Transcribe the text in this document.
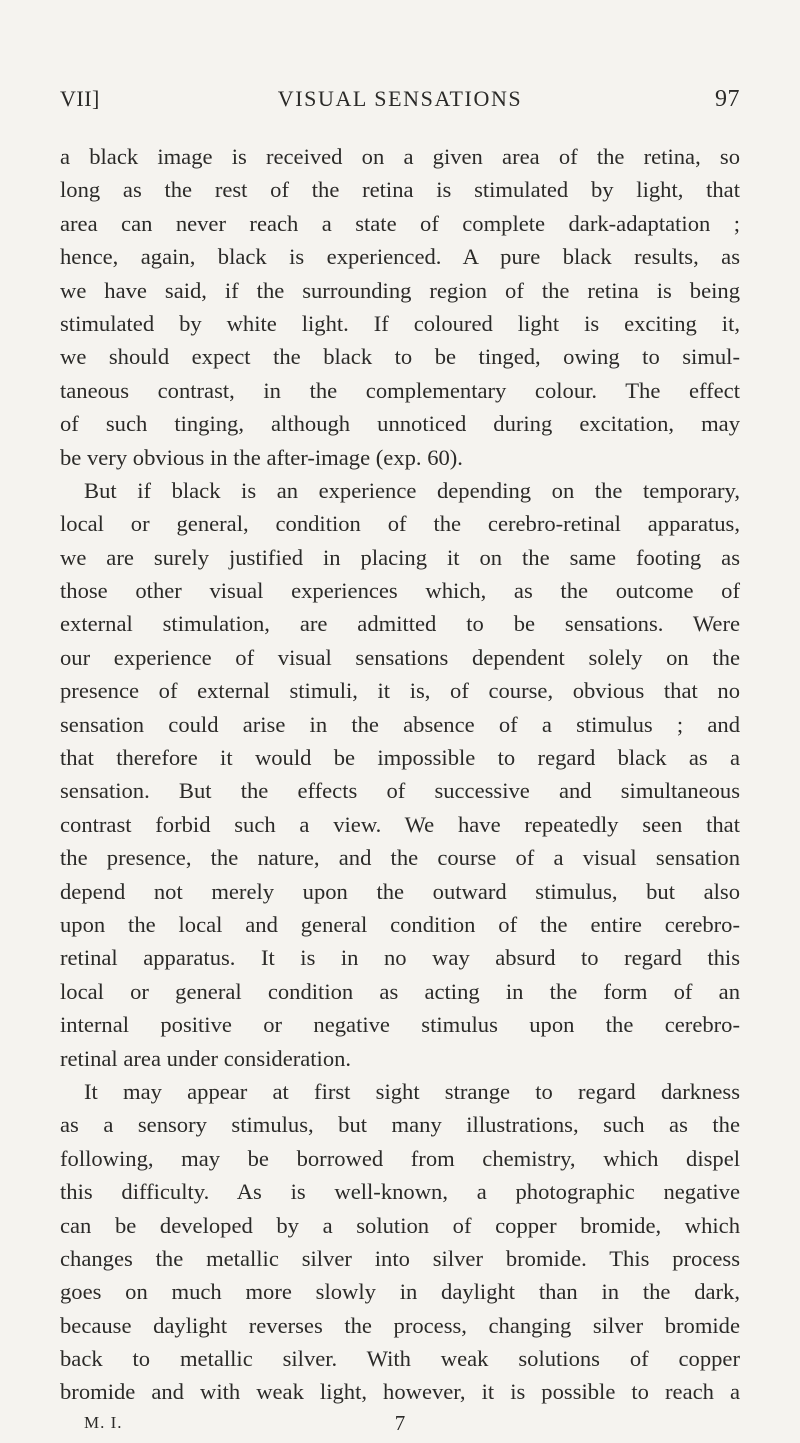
VII]	VISUAL SENSATIONS	97
a black image is received on a given area of the retina, so
long as the rest of the retina is stimulated by light, that
area can never reach a state of complete dark-adaptation ;
hence, again, black is experienced. A pure black results, as
we have said, if the surrounding region of the retina is being
stimulated by white light. If coloured light is exciting it,
we should expect the black to be tinged, owing to simul-
taneous contrast, in the complementary colour. The effect
of such tinging, although unnoticed during excitation, may
be very obvious in the after-image (exp. 60).
But if black is an experience depending on the temporary,
local or general, condition of the cerebro-retinal apparatus,
we are surely justified in placing it on the same footing as
those other visual experiences which, as the outcome of
external stimulation, are admitted to be sensations. Were
our experience of visual sensations dependent solely on the
presence of external stimuli, it is, of course, obvious that no
sensation could arise in the absence of a stimulus ; and
that therefore it would be impossible to regard black as a
sensation. But the effects of successive and simultaneous
contrast forbid such a view. We have repeatedly seen that
the presence, the nature, and the course of a visual sensation
depend not merely upon the outward stimulus, but also
upon the local and general condition of the entire cerebro-
retinal apparatus. It is in no way absurd to regard this
local or general condition as acting in the form of an
internal positive or negative stimulus upon the cerebro-
retinal area under consideration.
It may appear at first sight strange to regard darkness
as a sensory stimulus, but many illustrations, such as the
following, may be borrowed from chemistry, which dispel
this difficulty. As is well-known, a photographic negative
can be developed by a solution of copper bromide, which
changes the metallic silver into silver bromide. This process
goes on much more slowly in daylight than in the dark,
because daylight reverses the process, changing silver bromide
back to metallic silver. With weak solutions of copper
bromide and with weak light, however, it is possible to reach a
M. I.	7
